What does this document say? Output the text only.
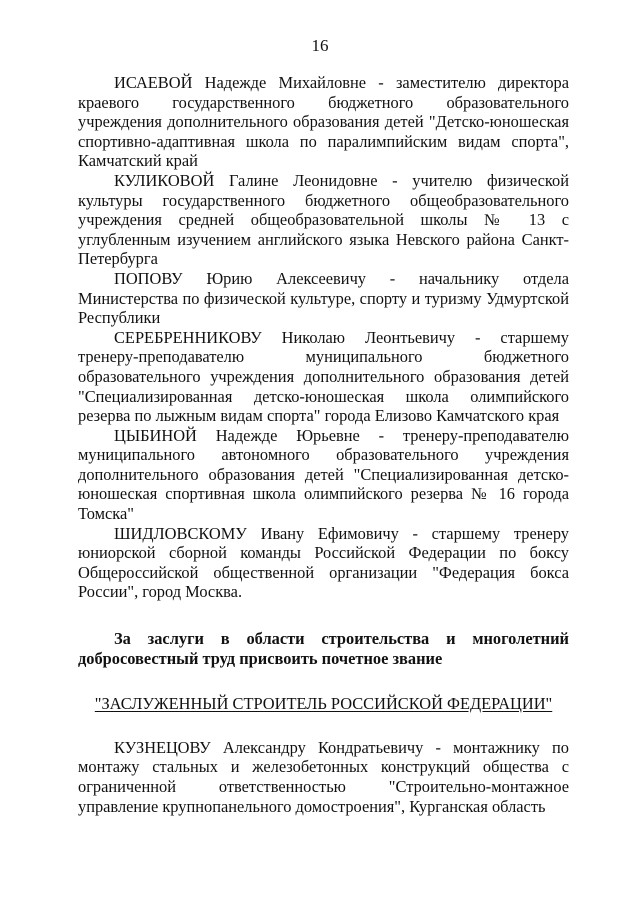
16

ИСАЕВОЙ Надежде Михайловне - заместителю директора краевого государственного бюджетного образовательного учреждения дополнительного образования детей "Детско-юношеская спортивно-адаптивная школа по паралимпийским видам спорта", Камчатский край

КУЛИКОВОЙ Галине Леонидовне - учителю физической культуры государственного бюджетного общеобразовательного учреждения средней общеобразовательной школы № 13 с углубленным изучением английского языка Невского района Санкт-Петербурга

ПОПОВУ Юрию Алексеевичу - начальнику отдела Министерства по физической культуре, спорту и туризму Удмуртской Республики

СЕРЕБРЕННИКОВУ Николаю Леонтьевичу - старшему тренеру-преподавателю муниципального бюджетного образовательного учреждения дополнительного образования детей "Специализированная детско-юношеская школа олимпийского резерва по лыжным видам спорта" города Елизово Камчатского края

ЦЫБИНОЙ Надежде Юрьевне - тренеру-преподавателю муниципального автономного образовательного учреждения дополнительного образования детей "Специализированная детско-юношеская спортивная школа олимпийского резерва № 16 города Томска"

ШИДЛОВСКОМУ Ивану Ефимовичу - старшему тренеру юниорской сборной команды Российской Федерации по боксу Общероссийской общественной организации "Федерация бокса России", город Москва.

За заслуги в области строительства и многолетний добросовестный труд присвоить почетное звание

"ЗАСЛУЖЕННЫЙ СТРОИТЕЛЬ РОССИЙСКОЙ ФЕДЕРАЦИИ"

КУЗНЕЦОВУ Александру Кондратьевичу - монтажнику по монтажу стальных и железобетонных конструкций общества с ограниченной ответственностью "Строительно-монтажное управление крупнопанельного домостроения", Курганская область
